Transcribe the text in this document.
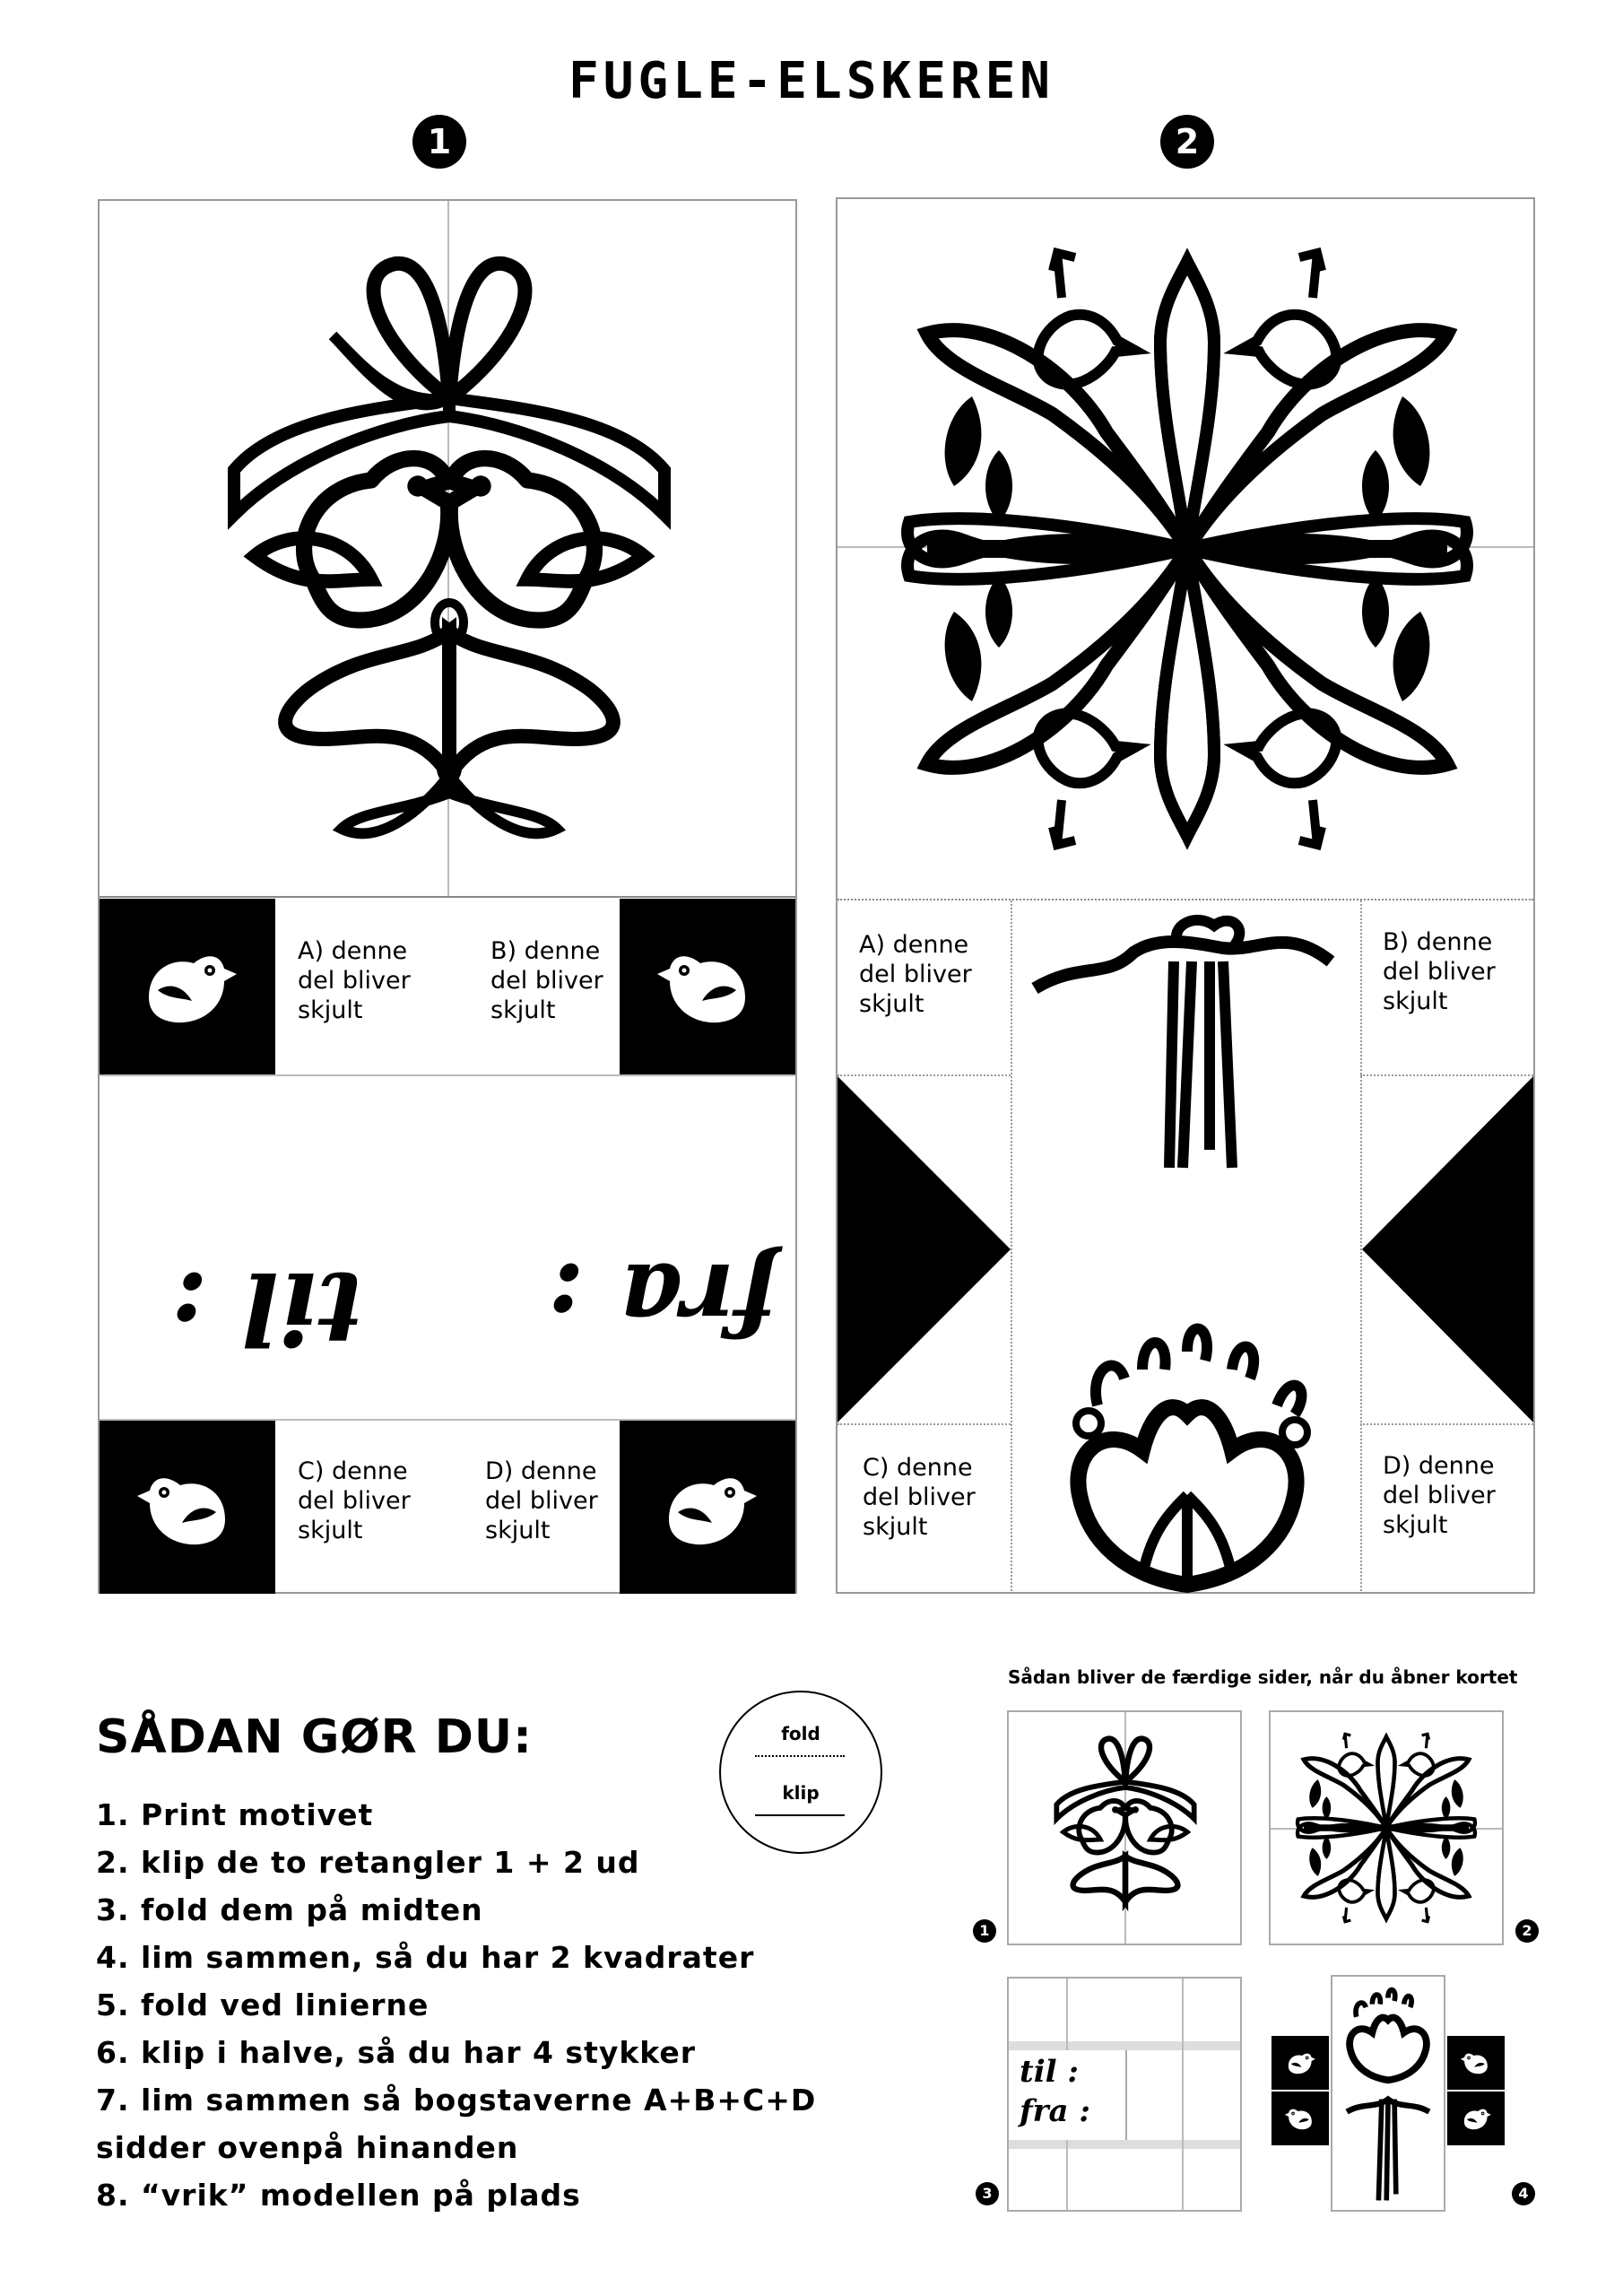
FUGLE-ELSKEREN
1	2
A) denne
del bliver
skjult
B) denne
del bliver
skjult
til : fra :
C) denne
del bliver
skjult
D) denne
del bliver
skjult
A) denne
del bliver
skjult
B) denne
del bliver
skjult
C) denne
del bliver
skjult
D) denne
del bliver
skjult
SÅDAN GØR DU:
1. Print motivet
2. klip de to retangler 1 + 2 ud
3. fold dem på midten
4. lim sammen, så du har 2 kvadrater
5. fold ved linierne
6. klip i halve, så du har 4 stykker
7. lim sammen så bogstaverne A+B+C+D
sidder ovenpå hinanden
8. “vrik” modellen på plads
fold
klip
Sådan bliver de færdige sider, når du åbner kortet
1	2
til :
fra :
3	4
